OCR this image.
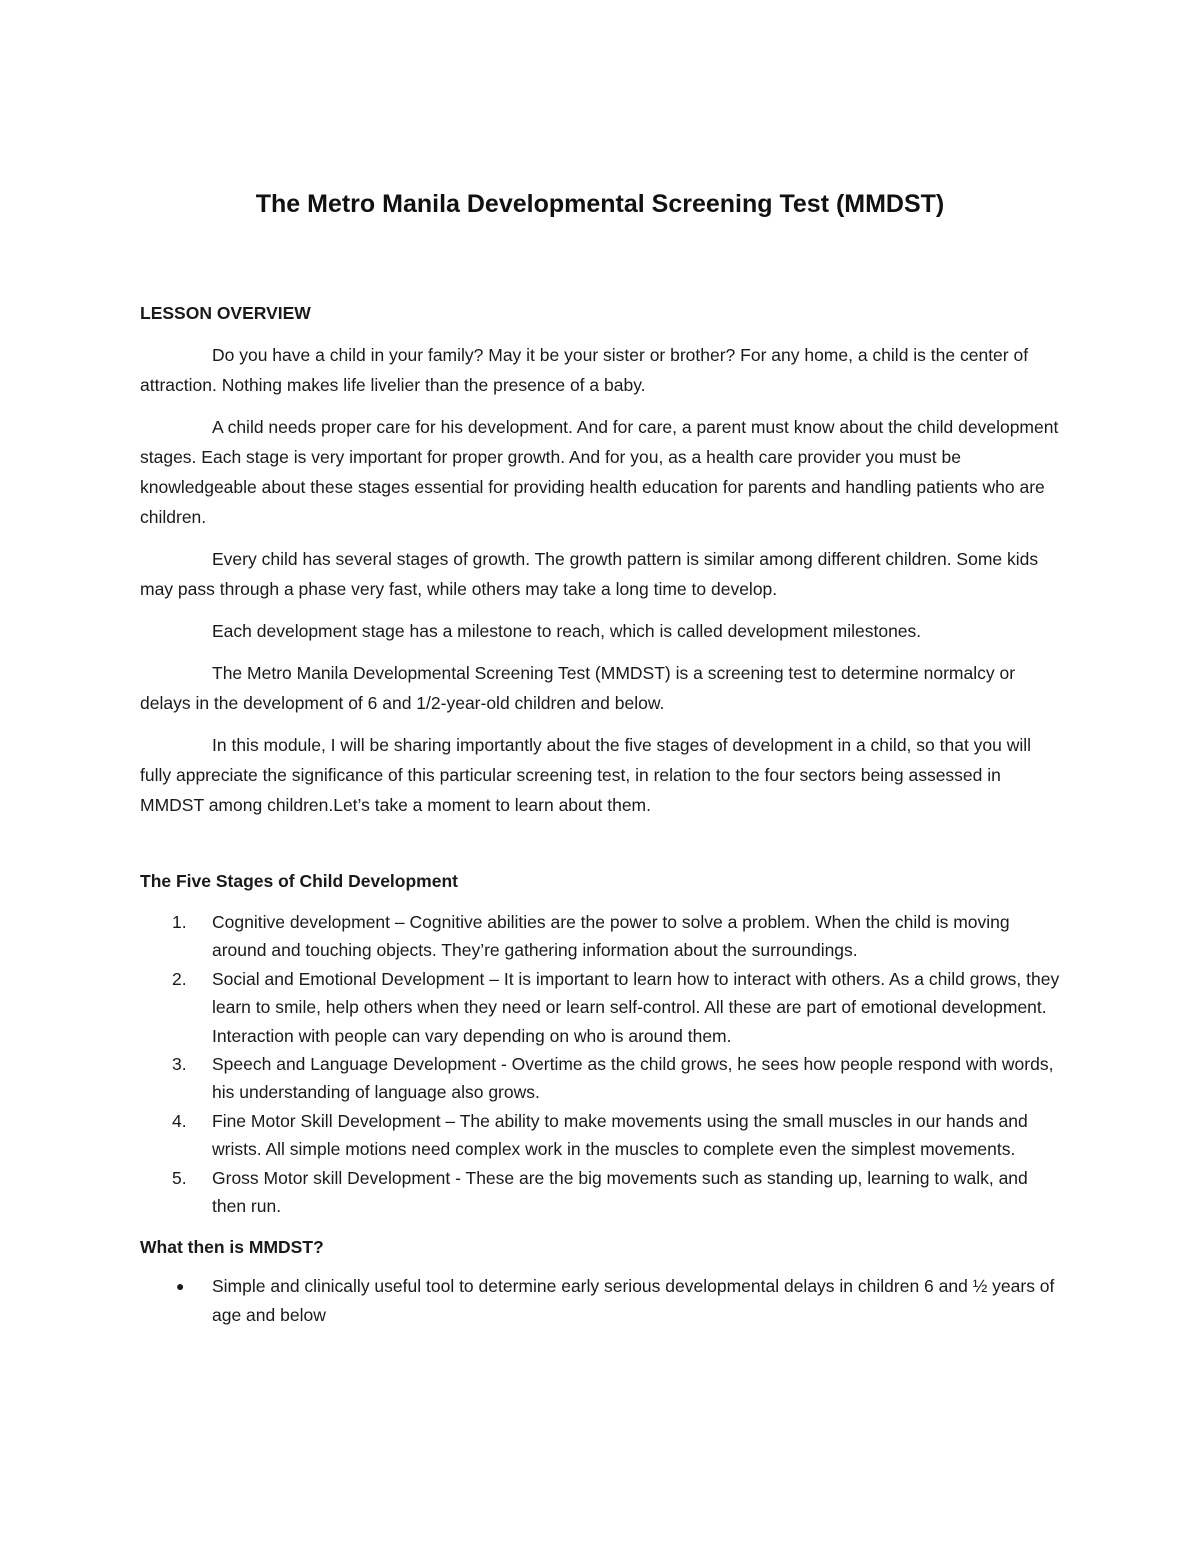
The Metro Manila Developmental Screening Test (MMDST)

LESSON OVERVIEW

Do you have a child in your family? May it be your sister or brother? For any home, a child is the center of attraction. Nothing makes life livelier than the presence of a baby.

A child needs proper care for his development. And for care, a parent must know about the child development stages. Each stage is very important for proper growth. And for you, as a health care provider you must be knowledgeable about these stages essential for providing health education for parents and handling patients who are children.

Every child has several stages of growth. The growth pattern is similar among different children. Some kids may pass through a phase very fast, while others may take a long time to develop.

Each development stage has a milestone to reach, which is called development milestones.

The Metro Manila Developmental Screening Test (MMDST) is a screening test to determine normalcy or delays in the development of 6 and 1/2-year-old children and below.

In this module, I will be sharing importantly about the five stages of development in a child, so that you will fully appreciate the significance of this particular screening test, in relation to the four sectors being assessed in MMDST among children.Let’s take a moment to learn about them.

The Five Stages of Child Development

1. Cognitive development – Cognitive abilities are the power to solve a problem. When the child is moving around and touching objects. They’re gathering information about the surroundings.
2. Social and Emotional Development – It is important to learn how to interact with others. As a child grows, they learn to smile, help others when they need or learn self-control. All these are part of emotional development. Interaction with people can vary depending on who is around them.
3. Speech and Language Development - Overtime as the child grows, he sees how people respond with words, his understanding of language also grows.
4. Fine Motor Skill Development – The ability to make movements using the small muscles in our hands and wrists. All simple motions need complex work in the muscles to complete even the simplest movements.
5. Gross Motor skill Development - These are the big movements such as standing up, learning to walk, and then run.

What then is MMDST?

● Simple and clinically useful tool to determine early serious developmental delays in children 6 and ½ years of age and below
